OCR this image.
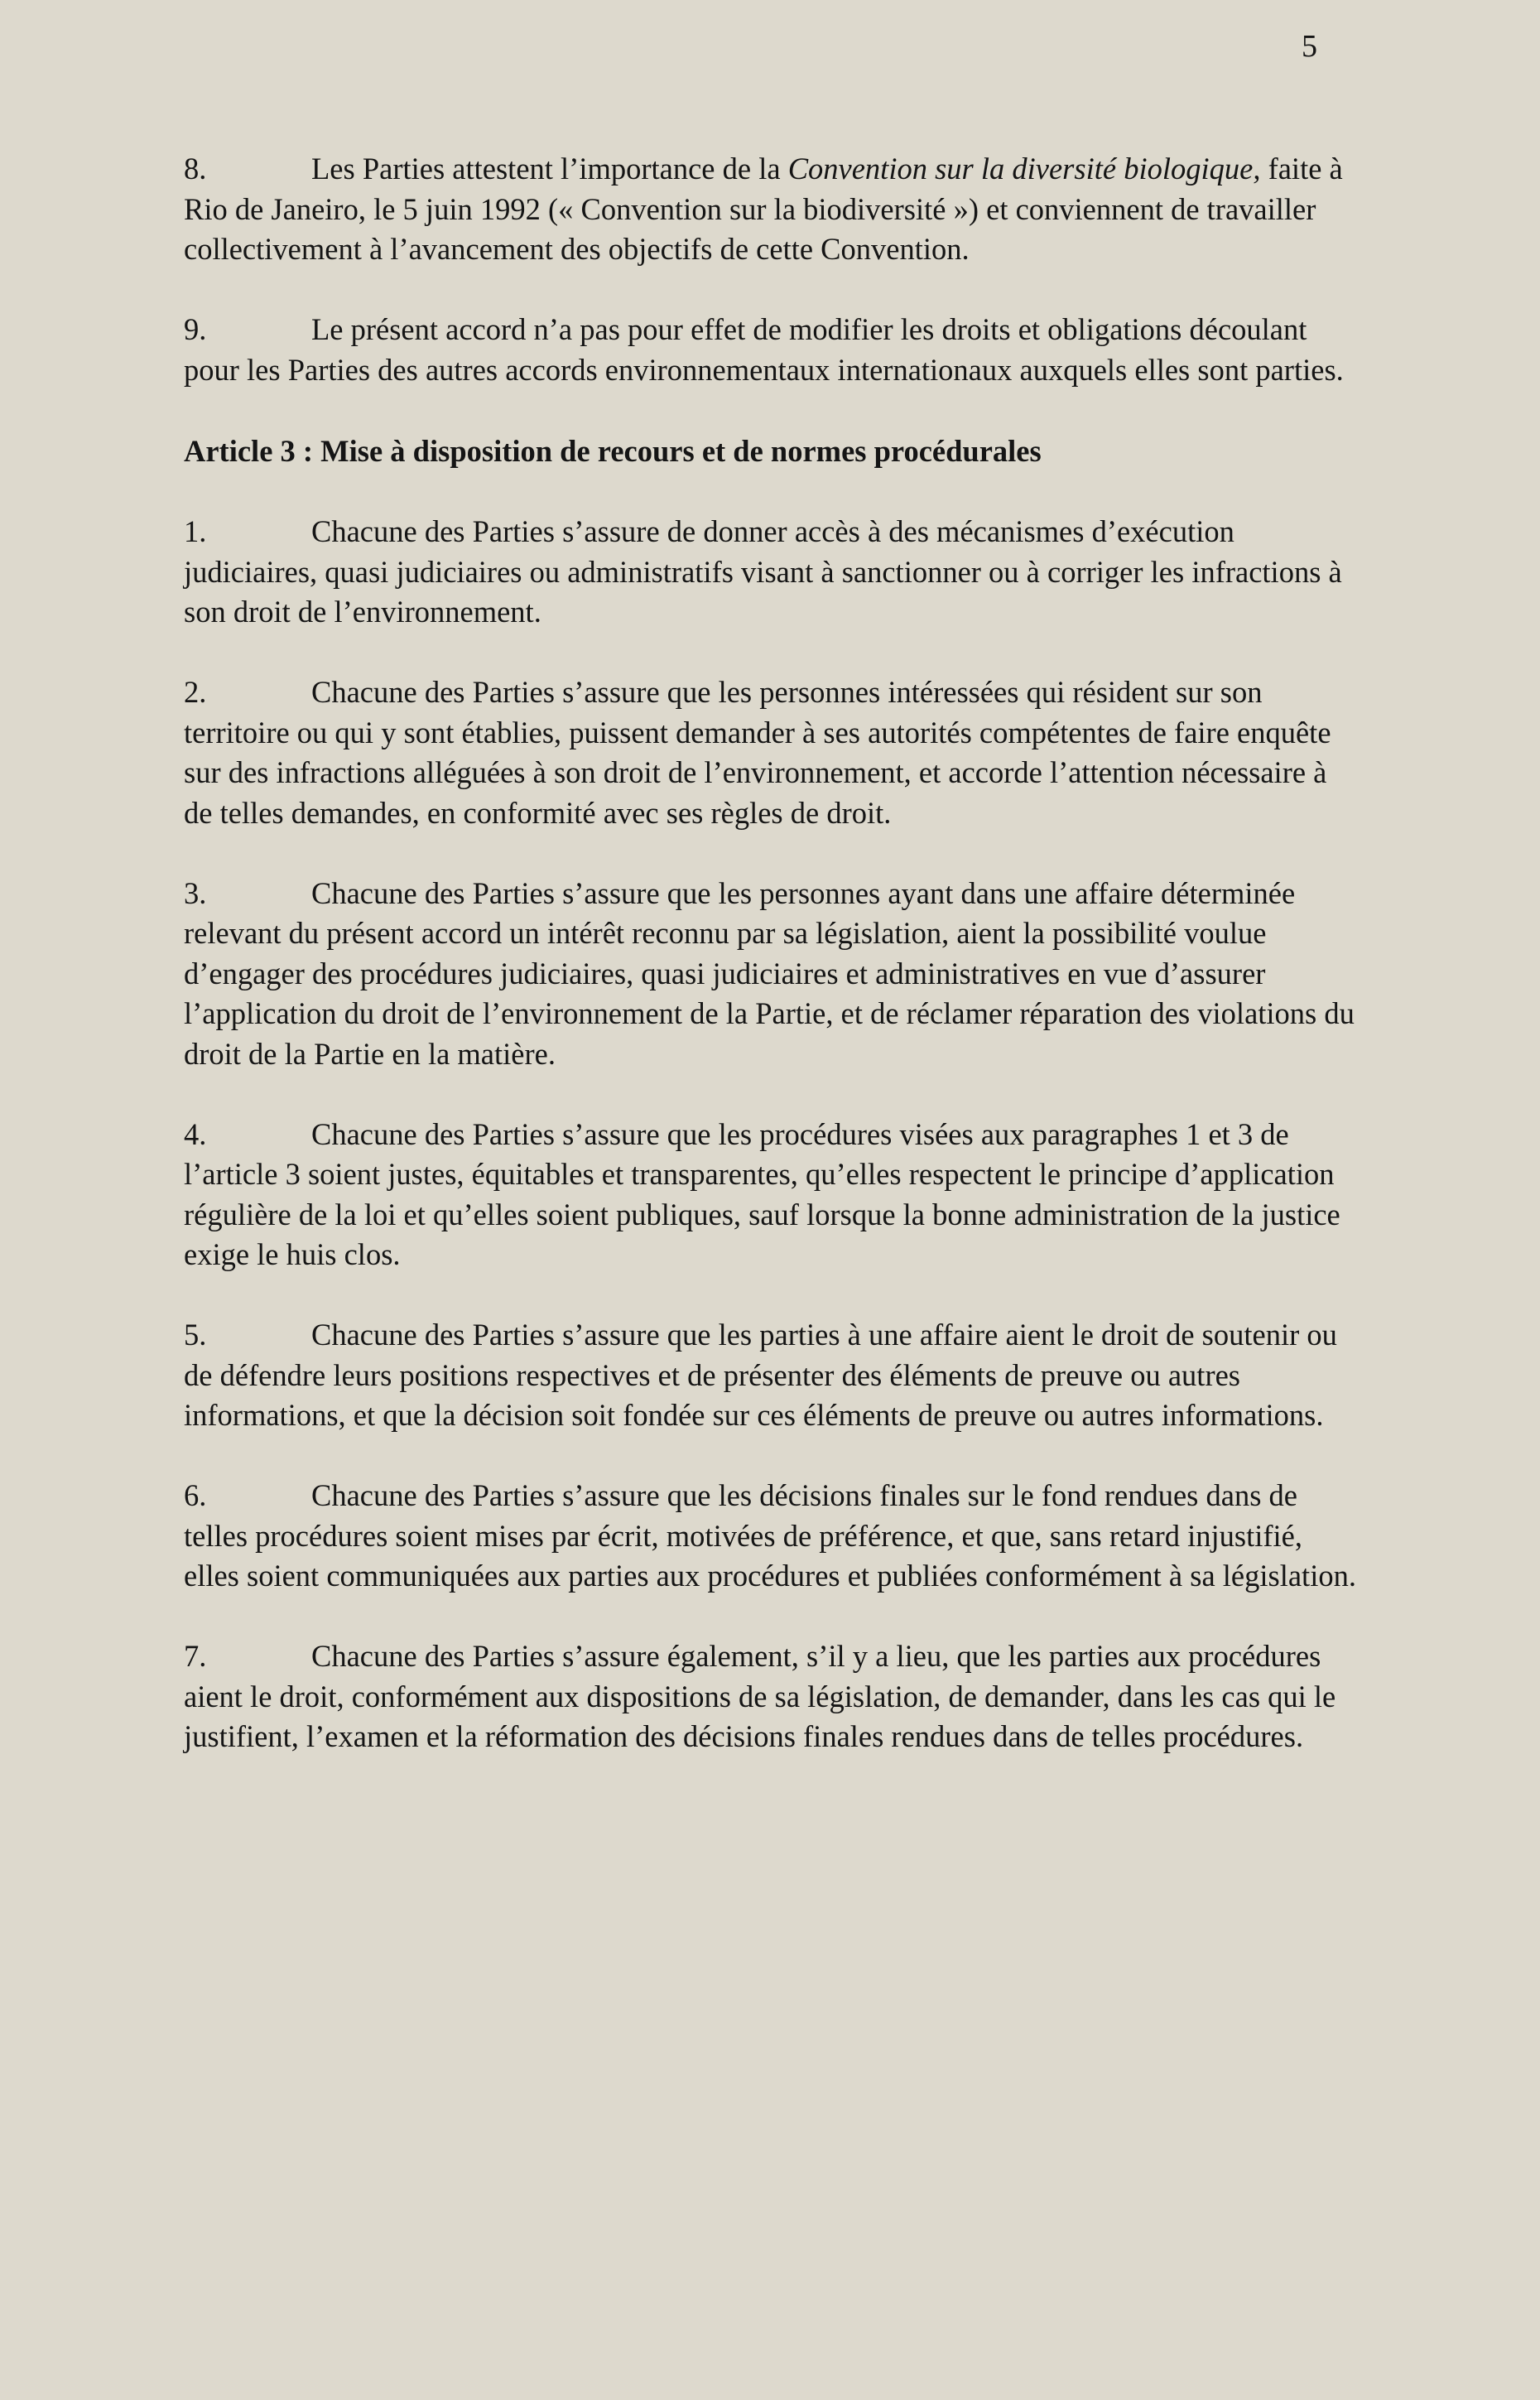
5

8.	Les Parties attestent l’importance de la Convention sur la diversité biologique, faite à Rio de Janeiro, le 5 juin 1992 (« Convention sur la biodiversité ») et conviennent de travailler collectivement à l’avancement des objectifs de cette Convention.

9.	Le présent accord n’a pas pour effet de modifier les droits et obligations découlant pour les Parties des autres accords environnementaux internationaux auxquels elles sont parties.

Article 3 : Mise à disposition de recours et de normes procédurales

1.	Chacune des Parties s’assure de donner accès à des mécanismes d’exécution judiciaires, quasi judiciaires ou administratifs visant à sanctionner ou à corriger les infractions à son droit de l’environnement.

2.	Chacune des Parties s’assure que les personnes intéressées qui résident sur son territoire ou qui y sont établies, puissent demander à ses autorités compétentes de faire enquête sur des infractions alléguées à son droit de l’environnement, et accorde l’attention nécessaire à de telles demandes, en conformité avec ses règles de droit.

3.	Chacune des Parties s’assure que les personnes ayant dans une affaire déterminée relevant du présent accord un intérêt reconnu par sa législation, aient la possibilité voulue d’engager des procédures judiciaires, quasi judiciaires et administratives en vue d’assurer l’application du droit de l’environnement de la Partie, et de réclamer réparation des violations du droit de la Partie en la matière.

4.	Chacune des Parties s’assure que les procédures visées aux paragraphes 1 et 3 de l’article 3 soient justes, équitables et transparentes, qu’elles respectent le principe d’application régulière de la loi et qu’elles soient publiques, sauf lorsque la bonne administration de la justice exige le huis clos.

5.	Chacune des Parties s’assure que les parties à une affaire aient le droit de soutenir ou de défendre leurs positions respectives et de présenter des éléments de preuve ou autres informations, et que la décision soit fondée sur ces éléments de preuve ou autres informations.

6.	Chacune des Parties s’assure que les décisions finales sur le fond rendues dans de telles procédures soient mises par écrit, motivées de préférence, et que, sans retard injustifié, elles soient communiquées aux parties aux procédures et publiées conformément à sa législation.

7.	Chacune des Parties s’assure également, s’il y a lieu, que les parties aux procédures aient le droit, conformément aux dispositions de sa législation, de demander, dans les cas qui le justifient, l’examen et la réformation des décisions finales rendues dans de telles procédures.
